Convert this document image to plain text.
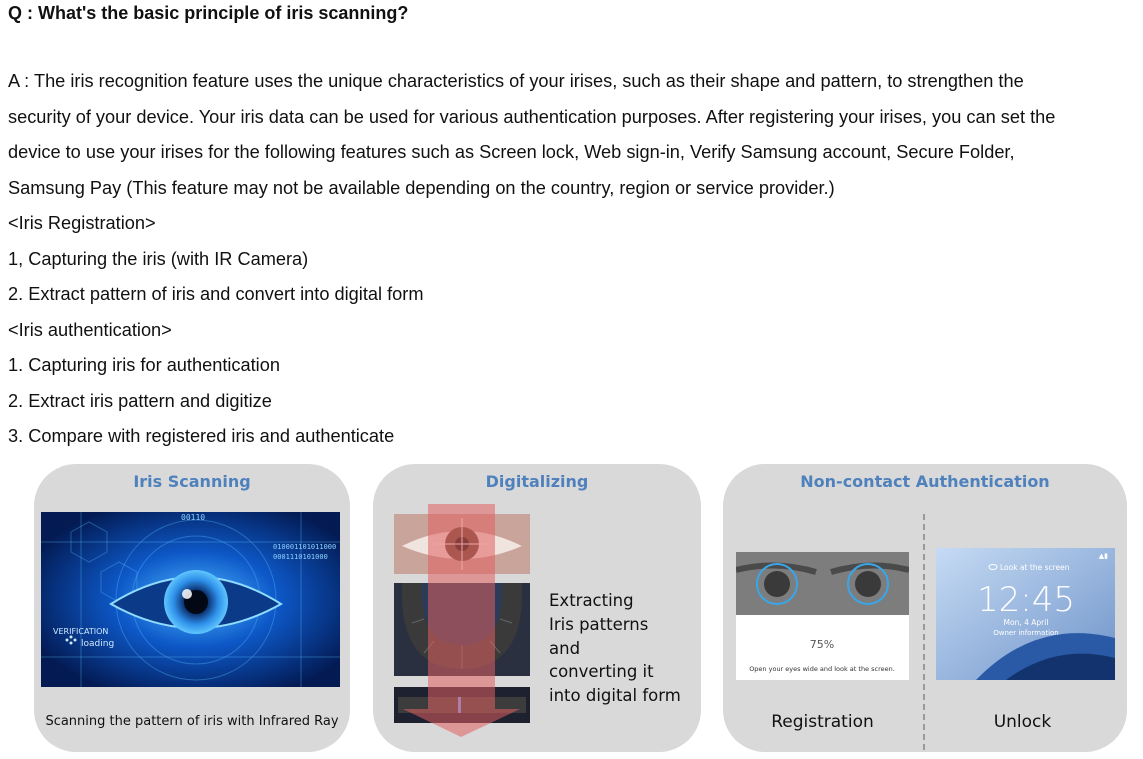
Q : What's the basic principle of iris scanning?
A : The iris recognition feature uses the unique characteristics of your irises, such as their shape and pattern, to strengthen the
security of your device. Your iris data can be used for various authentication purposes. After registering your irises, you can set the
device to use your irises for the following features such as Screen lock, Web sign-in, Verify Samsung account, Secure Folder,
Samsung Pay (This feature may not be available depending on the country, region or service provider.)
<Iris Registration>
1, Capturing the iris (with IR Camera)
2. Extract pattern of iris and convert into digital form
<Iris authentication>
1. Capturing iris for authentication
2. Extract iris pattern and digitize
3. Compare with registered iris and authenticate
Iris Scanning
00110
010001101011000
0001110101000
VERIFICATION
loading
Scanning the pattern of iris with Infrared Ray
Digitalizing
Extracting
Iris patterns
and
converting it
into digital form
Non-contact Authentication
75%
Open your eyes wide and look at the screen.
Registration
▲▮
Look at the screen
12:45
Mon, 4 April
Owner information
Unlock
